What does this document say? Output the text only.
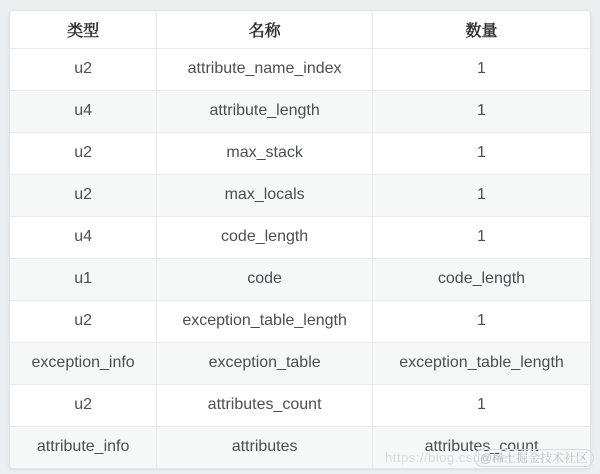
类型	名称	数量
u2	attribute_name_index	1
u4	attribute_length	1
u2	max_stack	1
u2	max_locals	1
u4	code_length	1
u1	code	code_length
u2	exception_table_length	1
exception_info	exception_table	exception_table_length
u2	attributes_count	1
attribute_info	attributes	attributes_count
https://blog.csdn.net
@稀土掘金技术社区
